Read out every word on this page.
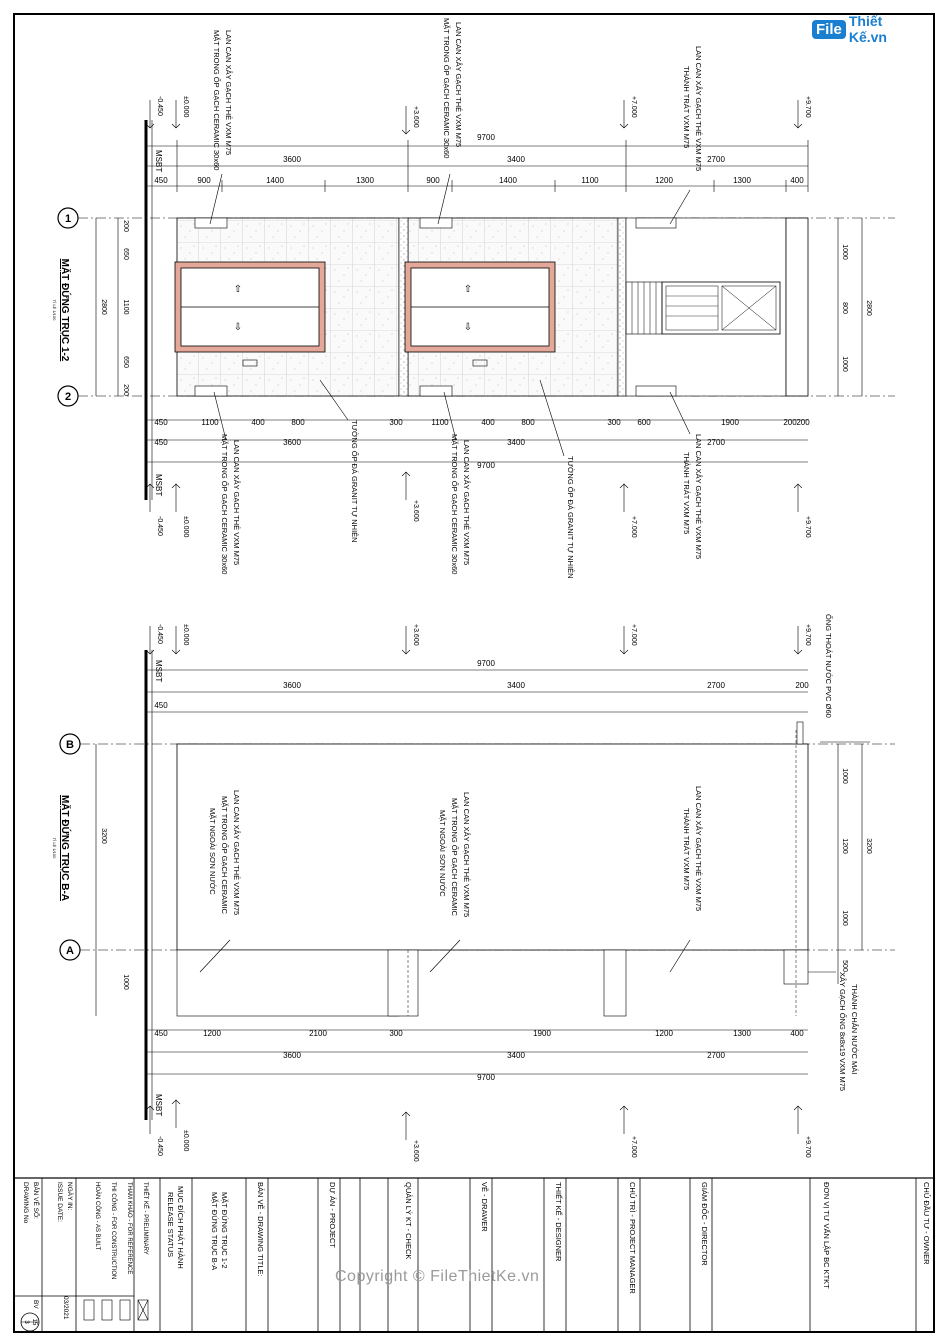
MẶT ĐỨNG TRỤC 1-2
TỈ LỆ 1/100
1
2
MSBT
MSBT
⇧
⇩
⇧
⇩
9700
3600	3400	2700
450	900	1400	1300	900	1400	1100	1200	1300	400
450	1100	400	800	300	1100	400	800	300 600	1900	200 200
450	3600	3400	2700
9700
200
650
1100
650
200
2800
1000
800
1000
2800
-0.450	±0.000	+3.600	+7.000	+9.700
-0.450	±0.000
+3.600
+7.000	+9.700
LAN CAN XÂY GẠCH THẺ VXM M75
MẶT TRONG ỐP GẠCH CERAMIC 30x60	LAN CAN XÂY GẠCH THẺ VXM M75
MẶT TRONG ỐP GẠCH CERAMIC 30x60	LAN CAN XÂY GẠCH THẺ VXM M75
THÀNH TRÁT VXM M75
LAN CAN XÂY GẠCH THẺ VXM M75
MẶT TRONG ỐP GẠCH CERAMIC 30x60	TƯỜNG ỐP ĐÁ GRANIT TỰ NHIÊN	LAN CAN XÂY GẠCH THẺ VXM M75
MẶT TRONG ỐP GẠCH CERAMIC 30x60	TƯỜNG ỐP ĐÁ GRANIT TỰ NHIÊN	LAN CAN XÂY GẠCH THẺ VXM M75
THÀNH TRÁT VXM M75
MẶT ĐỨNG TRỤC B-A
TỈ LỆ 1/100
B
A
MSBT
MSBT
9700
3600	3400	2700	200
450
450	1200	2100	300	1900	1200	1300	400
3600	3400	2700
9700
3200
1000
1000
1200
1000
500
3200
-0.450	±0.000	+3.600	+7.000	+9.700
-0.450	±0.000	+3.600	+7.000	+9.700
LAN CAN XÂY GẠCH THẺ VXM M75
MẶT TRONG ỐP GẠCH CERAMIC
MẶT NGOÀI SƠN NƯỚC	LAN CAN XÂY GẠCH THẺ VXM M75
MẶT TRONG ỐP GẠCH CERAMIC
MẶT NGOÀI SƠN NƯỚC	LAN CAN XÂY GẠCH THẺ VXM M75
THÀNH TRÁT VXM M75
ỐNG THOÁT NƯỚC PVC Ø60
THÀNH CHẮN NƯỚC MÁI
XÂY GẠCH ỐNG 8x8x19 VXM M75
CHỦ ĐẦU TƯ - OWNER
ĐƠN VỊ TƯ VẤN LẬP BC KTKT
GIÁM ĐỐC - DIRECTOR
CHỦ TRÌ - PROJECT MANAGER
THIẾT KẾ - DESIGNER
VẼ - DRAWER
QUẢN LÝ KT - CHECK
DỰ ÁN - PROJECT
BẢN VẼ - DRAWING TITLE:
MẶT ĐỨNG TRỤC 1-2
MẶT ĐỨNG TRỤC B-A
MỤC ĐÍCH PHÁT HÀNH
RELEASE STATUS
THIẾT KẾ - PRELIMINARY
THAM KHẢO - FOR REFERENCE
THI CÔNG - FOR CONSTRUCTION
HOÀN CÔNG - AS BUILT
NGÀY IN:
ISSUE DATE:
03/2021
BẢN VẼ SỐ:
DRAWING No
BV
15
3
File Thiết Kế.vn
Copyright © FileThietKe.vn
